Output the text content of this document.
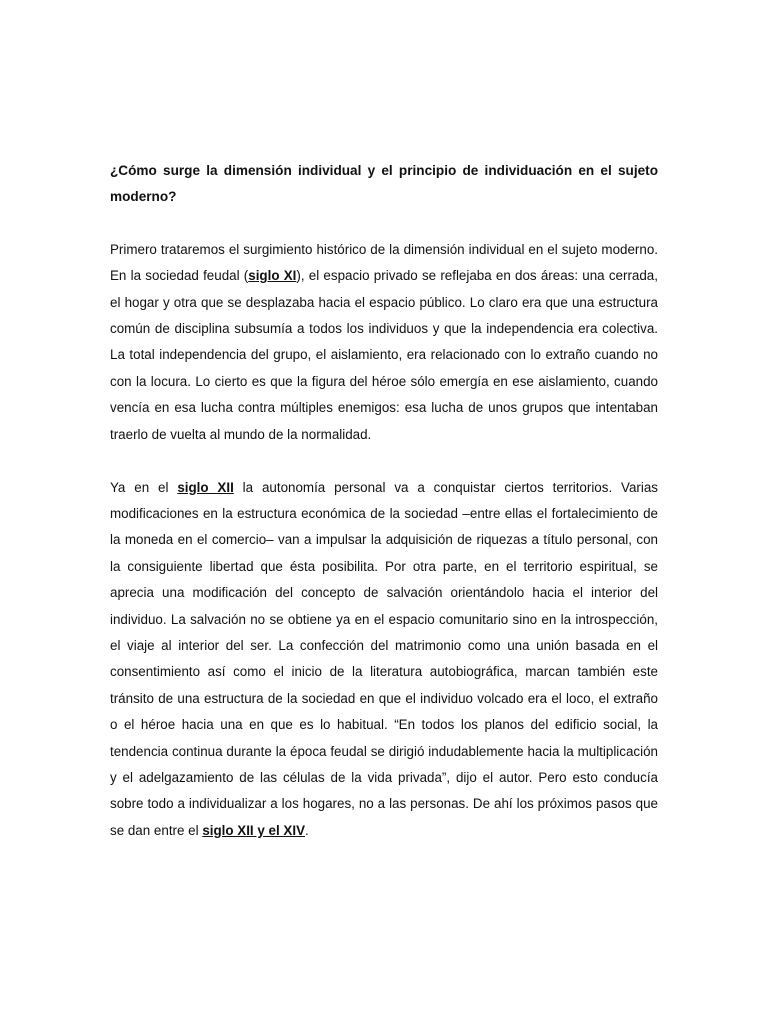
¿Cómo surge la dimensión individual y el principio de individuación en el sujeto moderno?

Primero trataremos el surgimiento histórico de la dimensión individual en el sujeto moderno. En la sociedad feudal (siglo XI), el espacio privado se reflejaba en dos áreas: una cerrada, el hogar y otra que se desplazaba hacia el espacio público. Lo claro era que una estructura común de disciplina subsumía a todos los individuos y que la independencia era colectiva. La total independencia del grupo, el aislamiento, era relacionado con lo extraño cuando no con la locura. Lo cierto es que la figura del héroe sólo emergía en ese aislamiento, cuando vencía en esa lucha contra múltiples enemigos: esa lucha de unos grupos que intentaban traerlo de vuelta al mundo de la normalidad.

Ya en el siglo XII la autonomía personal va a conquistar ciertos territorios. Varias modificaciones en la estructura económica de la sociedad –entre ellas el fortalecimiento de la moneda en el comercio– van a impulsar la adquisición de riquezas a título personal, con la consiguiente libertad que ésta posibilita. Por otra parte, en el territorio espiritual, se aprecia una modificación del concepto de salvación orientándolo hacia el interior del individuo. La salvación no se obtiene ya en el espacio comunitario sino en la introspección, el viaje al interior del ser. La confección del matrimonio como una unión basada en el consentimiento así como el inicio de la literatura autobiográfica, marcan también este tránsito de una estructura de la sociedad en que el individuo volcado era el loco, el extraño o el héroe hacia una en que es lo habitual. “En todos los planos del edificio social, la tendencia continua durante la época feudal se dirigió indudablemente hacia la multiplicación y el adelgazamiento de las células de la vida privada”, dijo el autor. Pero esto conducía sobre todo a individualizar a los hogares, no a las personas. De ahí los próximos pasos que se dan entre el siglo XII y el XIV.
